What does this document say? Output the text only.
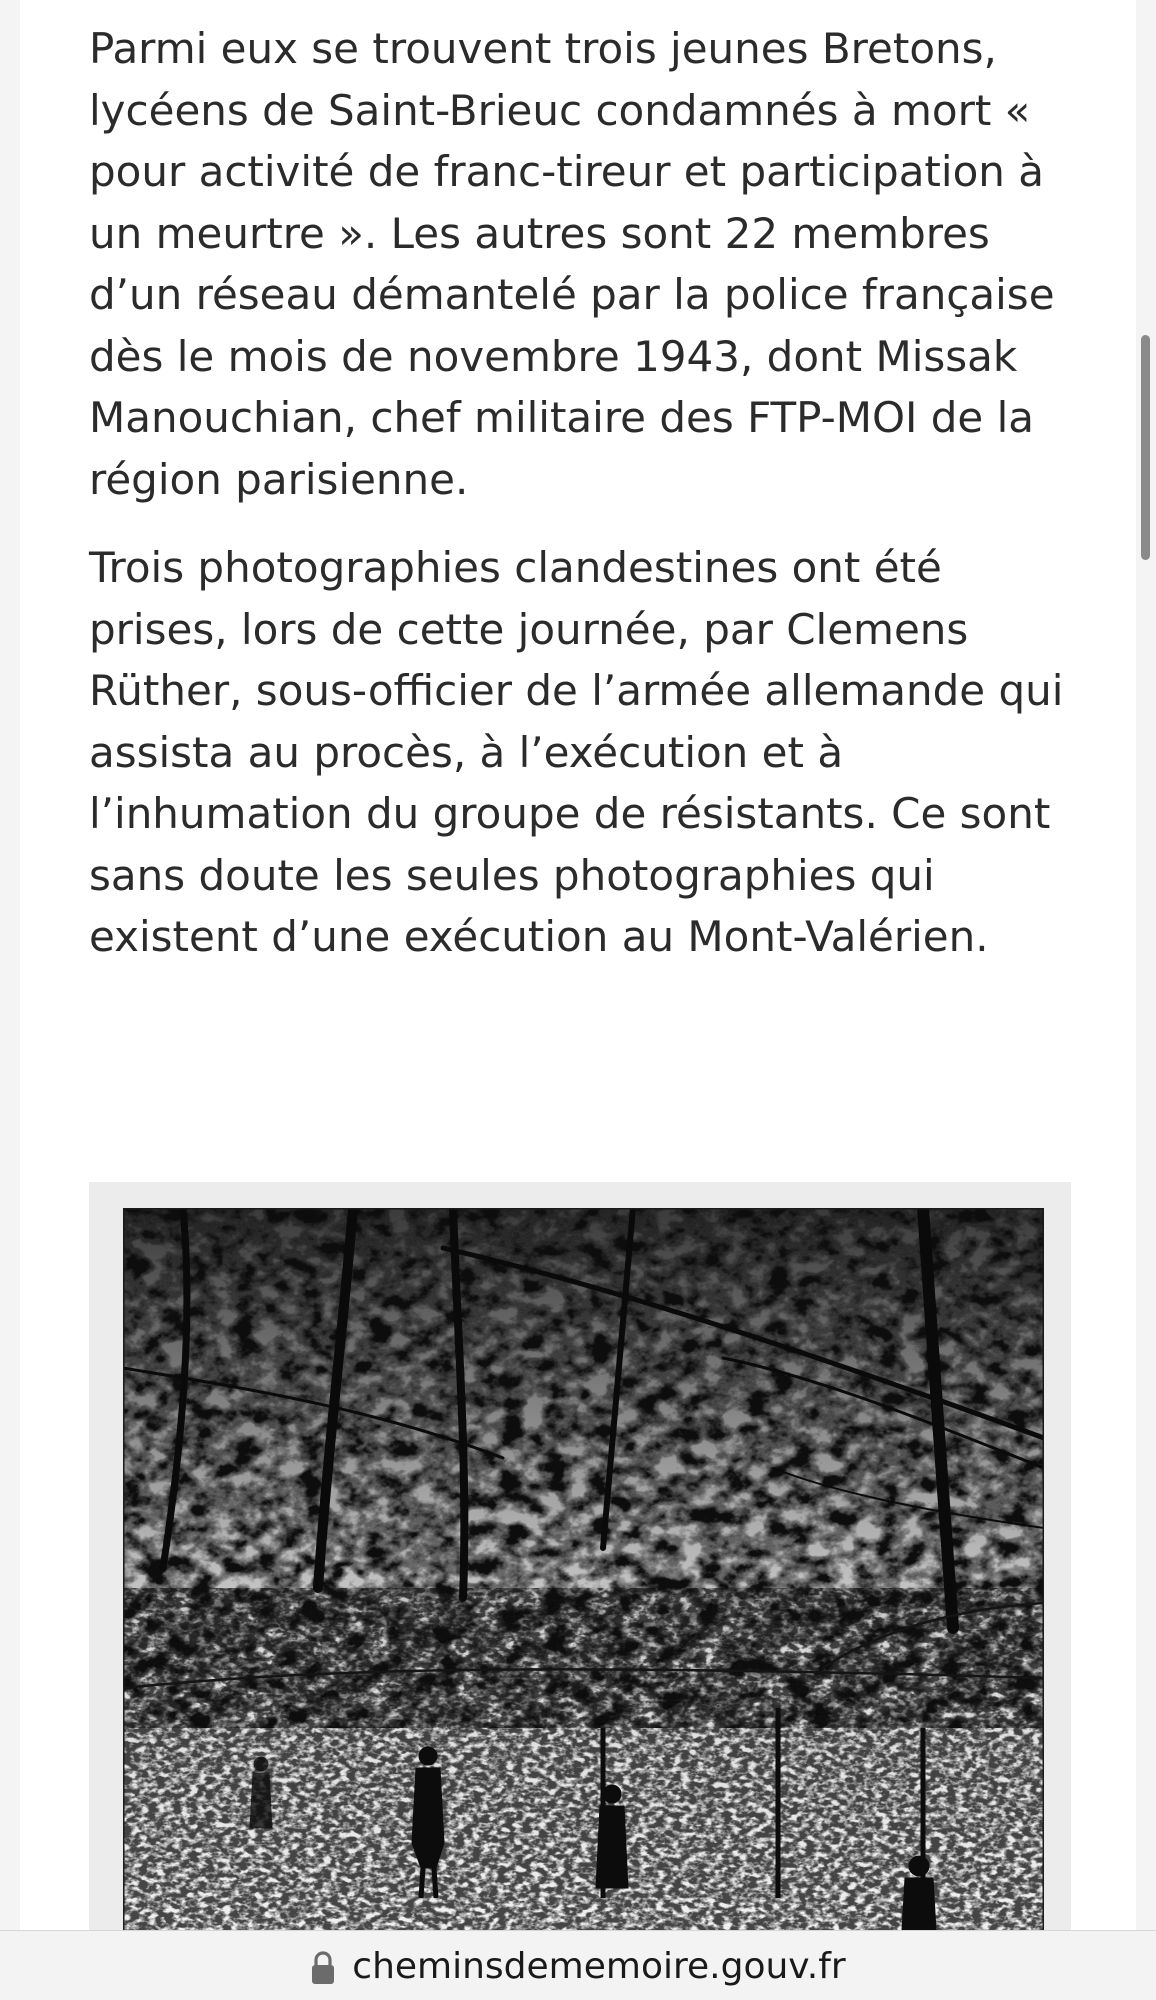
Parmi eux se trouvent trois jeunes Bretons, lycéens de Saint-Brieuc condamnés à mort « pour activité de franc-tireur et participation à un meurtre ». Les autres sont 22 membres d’un réseau démantelé par la police française dès le mois de novembre 1943, dont Missak Manouchian, chef militaire des FTP-MOI de la région parisienne.

Trois photographies clandestines ont été prises, lors de cette journée, par Clemens Rüther, sous-officier de l’armée allemande qui assista au procès, à l’exécution et à l’inhumation du groupe de résistants. Ce sont sans doute les seules photographies qui existent d’une exécution au Mont-Valérien.

cheminsdememoire.gouv.fr
